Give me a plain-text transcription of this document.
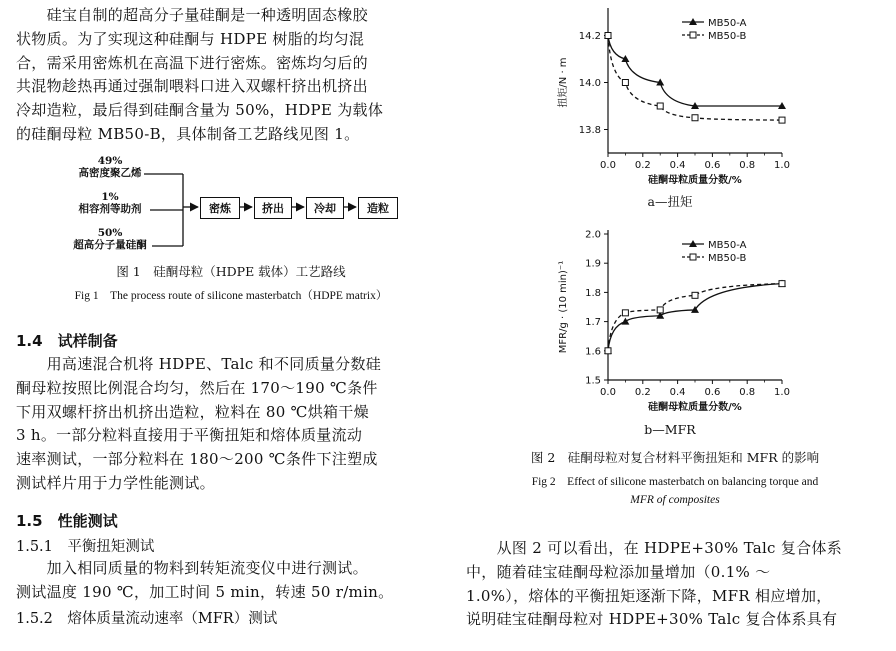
　　硅宝自制的超高分子量硅酮是一种透明固态橡胶

状物质。为了实现这种硅酮与 HDPE 树脂的均匀混

合，需采用密炼机在高温下进行密炼。密炼均匀后的

共混物趁热再通过强制喂料口进入双螺杆挤出机挤出

冷却造粒，最后得到硅酮含量为 50%，HDPE 为载体

的硅酮母粒 MB50-B，具体制备工艺路线见图 1。

49%
高密度聚乙烯
1%
相容剂等助剂
50%
超高分子量硅酮
密炼	挤出	冷却	造粒
图 1　硅酮母粒（HDPE 载体）工艺路线
Fig 1　The process route of silicone masterbatch（HDPE matrix）
1.4　试样制备

　　用高速混合机将 HDPE、Talc 和不同质量分数硅

酮母粒按照比例混合均匀，然后在 170～190 ℃条件

下用双螺杆挤出机挤出造粒，粒料在 80 ℃烘箱干燥

3 h。一部分粒料直接用于平衡扭矩和熔体质量流动

速率测试，一部分粒料在 180～200 ℃条件下注塑成

测试样片用于力学性能测试。

1.5　性能测试
1.5.1　平衡扭矩测试

　　加入相同质量的物料到转矩流变仪中进行测试。

测试温度 190 ℃，加工时间 5 min，转速 50 r/min。

1.5.2　熔体质量流动速率（MFR）测试
0.0 0.2 0.4 0.6 0.8 1.0
13.8
14.0
14.2
硅酮母粒质量分数/%
扭矩/N · m
MB50-A
MB50-B
a—扭矩
0.0 0.2 0.4 0.6 0.8 1.0
1.5
1.6
1.7
1.8
1.9
2.0
硅酮母粒质量分数/%
MFR/g · (10 min)⁻¹
MB50-A
MB50-B
b—MFR
图 2　硅酮母粒对复合材料平衡扭矩和 MFR 的影响
Fig 2　Effect of silicone masterbatch on balancing torque and
MFR of composites

　　从图 2 可以看出，在 HDPE+30% Talc 复合体系

中，随着硅宝硅酮母粒添加量增加（0.1% ～

1.0%），熔体的平衡扭矩逐渐下降，MFR 相应增加，

说明硅宝硅酮母粒对 HDPE+30% Talc 复合体系具有
